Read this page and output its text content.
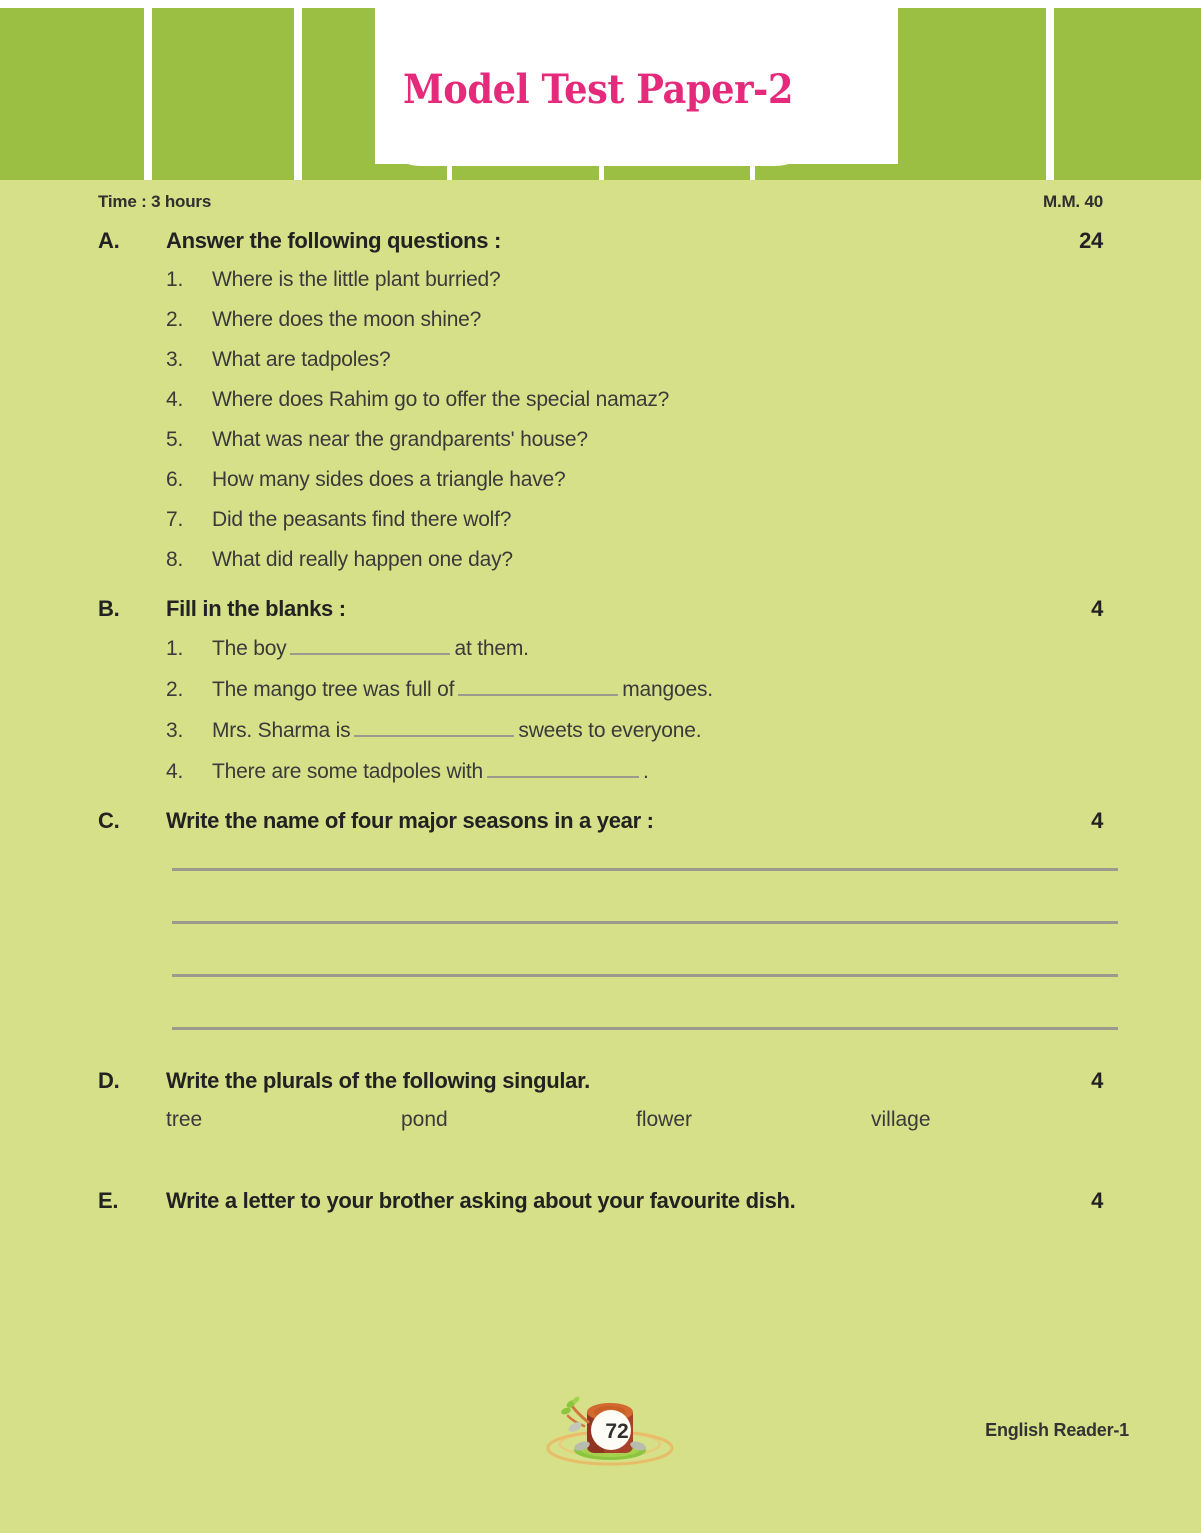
Model Test Paper-2
Time : 3 hours	M.M. 40
A.	Answer the following questions :	24
1.	Where is the little plant burried?
2.	Where does the moon shine?
3.	What are tadpoles?
4.	Where does Rahim go to offer the special namaz?
5.	What was near the grandparents' house?
6.	How many sides does a triangle have?
7.	Did the peasants find there wolf?
8.	What did really happen one day?
B.	Fill in the blanks :	4
1.	The boy	at them.
2.	The mango tree was full of	mangoes.
3.	Mrs. Sharma is	sweets to everyone.
4.	There are some tadpoles with	.
C.	Write the name of four major seasons in a year :	4
D.	Write the plurals of the following singular.	4
tree	pond	flower	village
E.	Write a letter to your brother asking about your favourite dish.	4
72	English Reader-1
